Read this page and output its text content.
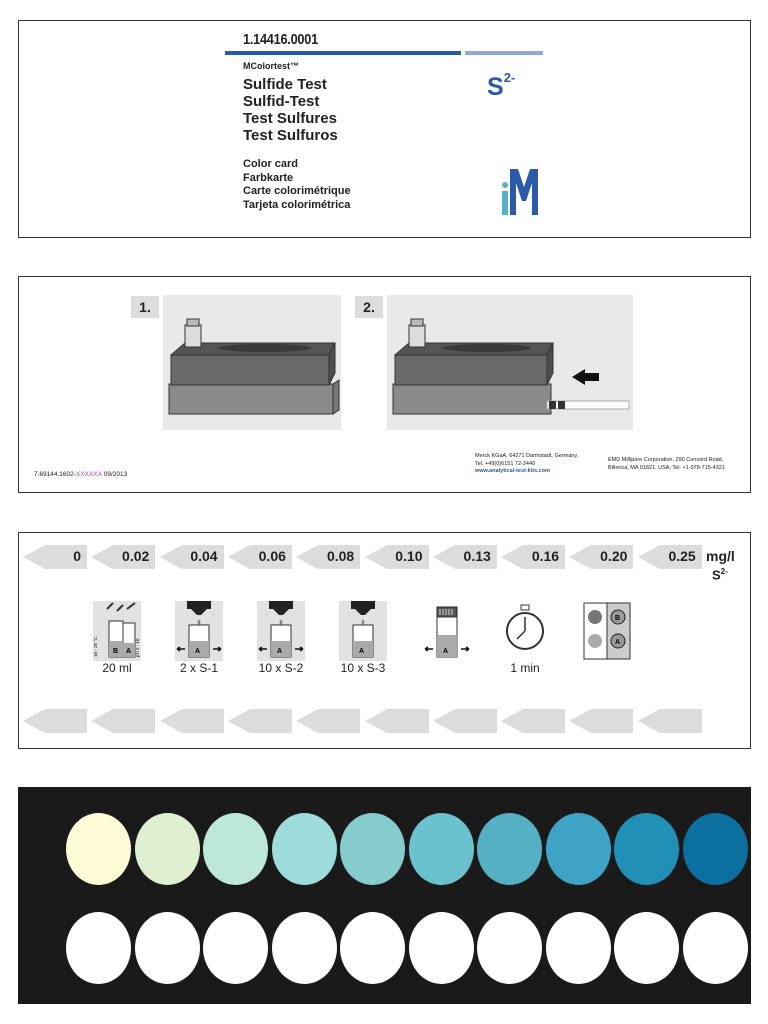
1.14416.0001
MColortest™
Sulfide Test
Sulfid-Test
Test Sulfures
Test Sulfuros
Color card
Farbkarte
Carte colorimétrique
Tarjeta colorimétrica
$S^{2-}$
1.	2.
7.69144.1602-XXXXXX 09/2013
Merck KGaA, 64271 Darmstadt, Germany,
Tel. +49(0)6151 72-2440
www.analytical-test-kits.com
EMD Millipore Corporation, 290 Concord Road,
Billerica, MA 01821, USA, Tel. +1-978-715-4321
0	0.02	0.04	0.06	0.08	0.10	0.13	0.16	0.20	0.25 mg/l
$S^{2-}$
B A
10 - 25 °C	pH 2 - 10
20 ml
A
2 x S-1
A
10 x S-2
A
10 x S-3
A
1 min
B
A
